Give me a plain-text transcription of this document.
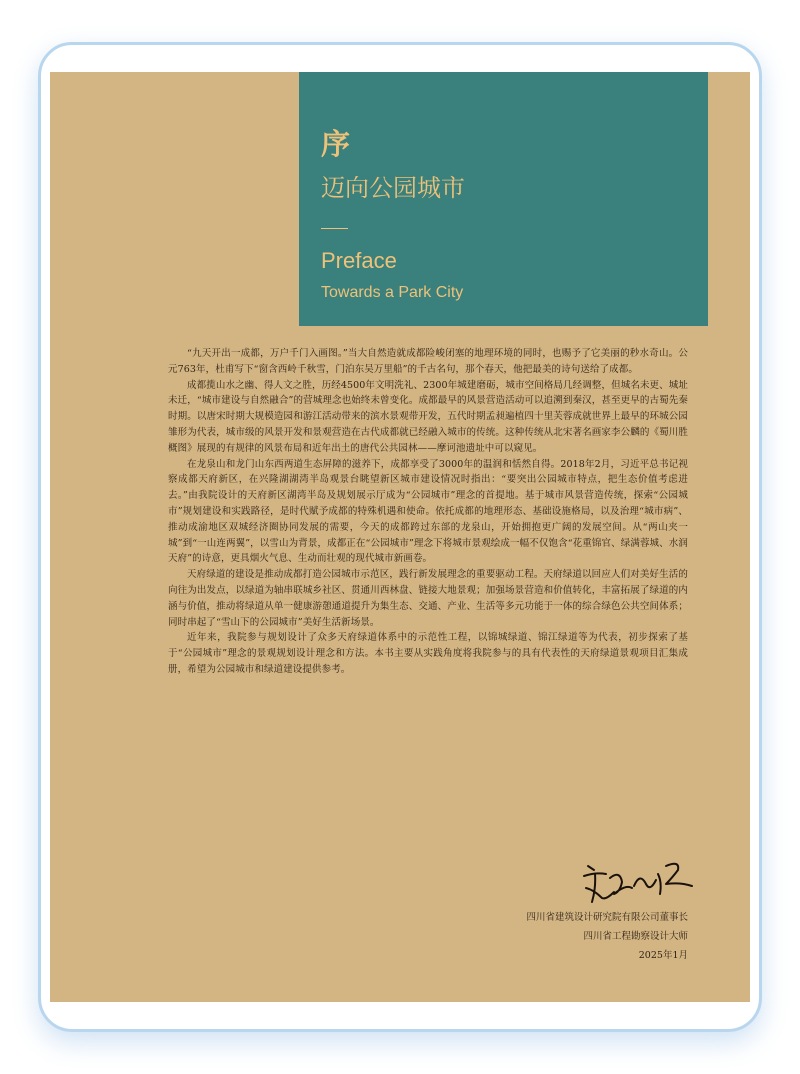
序
迈向公园城市
Preface
Towards a Park City

“九天开出一成都，万户千门入画图。”当大自然造就成都险峻闭塞的地理环境的同时，也赐予了它美丽的秒水奇山。公元763年，杜甫写下“窗含西岭千秋雪，门泊东吴万里船”的千古名句，那个春天，他把最美的诗句送给了成都。

成都揽山水之幽、得人文之胜，历经4500年文明洗礼、2300年城建磨砺，城市空间格局几经调整，但城名未更、城址未迁，“城市建设与自然融合”的营城理念也始终未曾变化。成都最早的风景营造活动可以追溯到秦汉，甚至更早的古蜀先秦时期。以唐宋时期大规模造园和游江活动带来的滨水景观带开发，五代时期孟昶遍植四十里芙蓉成就世界上最早的环城公园雏形为代表，城市级的风景开发和景观营造在古代成都就已经融入城市的传统。这种传统从北宋著名画家李公麟的《蜀川胜概图》展现的有规律的风景布局和近年出土的唐代公共园林——摩诃池遗址中可以窥见。

在龙泉山和龙门山东西两道生态屏障的滋养下，成都享受了3000年的温润和恬然自得。2018年2月，习近平总书记视察成都天府新区，在兴隆湖湖湾半岛观景台眺望新区城市建设情况时指出：“要突出公园城市特点，把生态价值考虑进去。”由我院设计的天府新区湖湾半岛及规划展示厅成为“公园城市”理念的首提地。基于城市风景营造传统，探索“公园城市”规划建设和实践路径，是时代赋予成都的特殊机遇和使命。依托成都的地理形态、基础设施格局，以及治理“城市病”、推动成渝地区双城经济圈协同发展的需要，今天的成都跨过东部的龙泉山，开始拥抱更广阔的发展空间。从“两山夹一城”到“一山连两翼”，以雪山为背景，成都正在“公园城市”理念下将城市景观绘成一幅不仅饱含“花重锦官、绿满蓉城、水润天府”的诗意，更具烟火气息、生动而壮观的现代城市新画卷。

天府绿道的建设是推动成都打造公园城市示范区，践行新发展理念的重要驱动工程。天府绿道以回应人们对美好生活的向往为出发点，以绿道为轴串联城乡社区、贯通川西林盘、链接大地景观；加强场景营造和价值转化，丰富拓展了绿道的内涵与价值，推动将绿道从单一健康游憩通道提升为集生态、交通、产业、生活等多元功能于一体的综合绿色公共空间体系；同时串起了“雪山下的公园城市”美好生活新场景。

近年来，我院参与规划设计了众多天府绿道体系中的示范性工程，以锦城绿道、锦江绿道等为代表，初步探索了基于“公园城市”理念的景观规划设计理念和方法。本书主要从实践角度将我院参与的具有代表性的天府绿道景观项目汇集成册，希望为公园城市和绿道建设提供参考。

四川省建筑设计研究院有限公司董事长
四川省工程勘察设计大师
2025年1月
